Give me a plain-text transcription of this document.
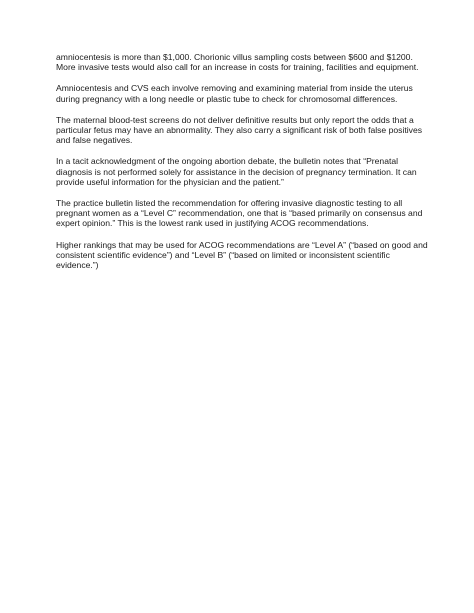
amniocentesis is more than $1,000. Chorionic villus sampling costs between $600 and $1200. More invasive tests would also call for an increase in costs for training, facilities and equipment.

Amniocentesis and CVS each involve removing and examining material from inside the uterus during pregnancy with a long needle or plastic tube to check for chromosomal differences.

The maternal blood-test screens do not deliver definitive results but only report the odds that a particular fetus may have an abnormality. They also carry a significant risk of both false positives and false negatives.

In a tacit acknowledgment of the ongoing abortion debate, the bulletin notes that “Prenatal diagnosis is not performed solely for assistance in the decision of pregnancy termination. It can provide useful information for the physician and the patient.”

The practice bulletin listed the recommendation for offering invasive diagnostic testing to all pregnant women as a “Level C” recommendation, one that is “based primarily on consensus and expert opinion.” This is the lowest rank used in justifying ACOG recommendations.

Higher rankings that may be used for ACOG recommendations are “Level A” (“based on good and consistent scientific evidence”) and “Level B” (“based on limited or inconsistent scientific evidence.”)
